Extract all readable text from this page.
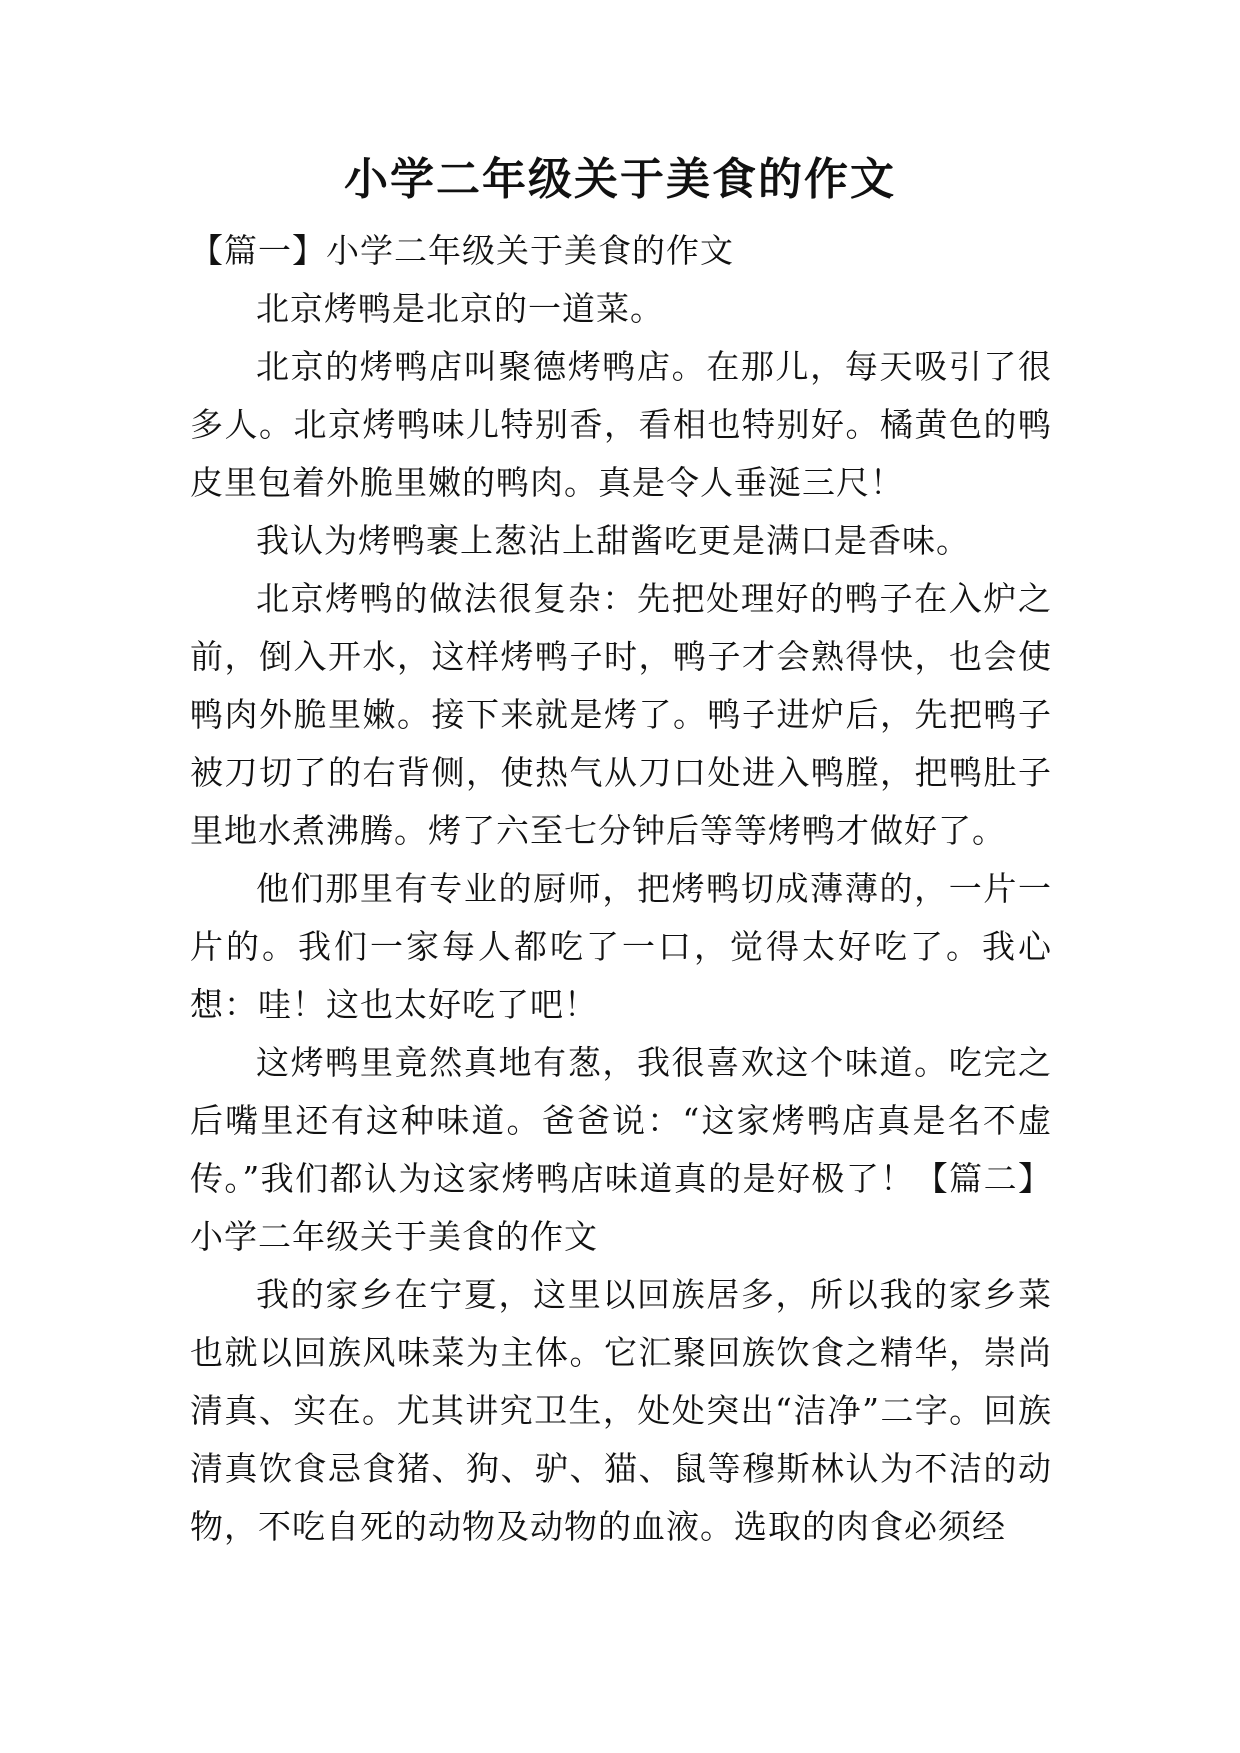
小学二年级关于美食的作文

【篇一】小学二年级关于美食的作文

北京烤鸭是北京的一道菜。

北京的烤鸭店叫聚德烤鸭店。在那儿，每天吸引了很多人。北京烤鸭味儿特别香，看相也特别好。橘黄色的鸭皮里包着外脆里嫩的鸭肉。真是令人垂涎三尺！

我认为烤鸭裹上葱沾上甜酱吃更是满口是香味。

北京烤鸭的做法很复杂：先把处理好的鸭子在入炉之前，倒入开水，这样烤鸭子时，鸭子才会熟得快，也会使鸭肉外脆里嫩。接下来就是烤了。鸭子进炉后，先把鸭子被刀切了的右背侧，使热气从刀口处进入鸭膛，把鸭肚子里地水煮沸腾。烤了六至七分钟后等等烤鸭才做好了。

他们那里有专业的厨师，把烤鸭切成薄薄的，一片一片的。我们一家每人都吃了一口，觉得太好吃了。我心想：哇！这也太好吃了吧！

这烤鸭里竟然真地有葱，我很喜欢这个味道。吃完之后嘴里还有这种味道。爸爸说：“这家烤鸭店真是名不虚传。”我们都认为这家烤鸭店味道真的是好极了！【篇二】小学二年级关于美食的作文

我的家乡在宁夏，这里以回族居多，所以我的家乡菜也就以回族风味菜为主体。它汇聚回族饮食之精华，崇尚清真、实在。尤其讲究卫生，处处突出“洁净”二字。回族清真饮食忌食猪、狗、驴、猫、鼠等穆斯林认为不洁的动物，不吃自死的动物及动物的血液。选取的肉食必须经
